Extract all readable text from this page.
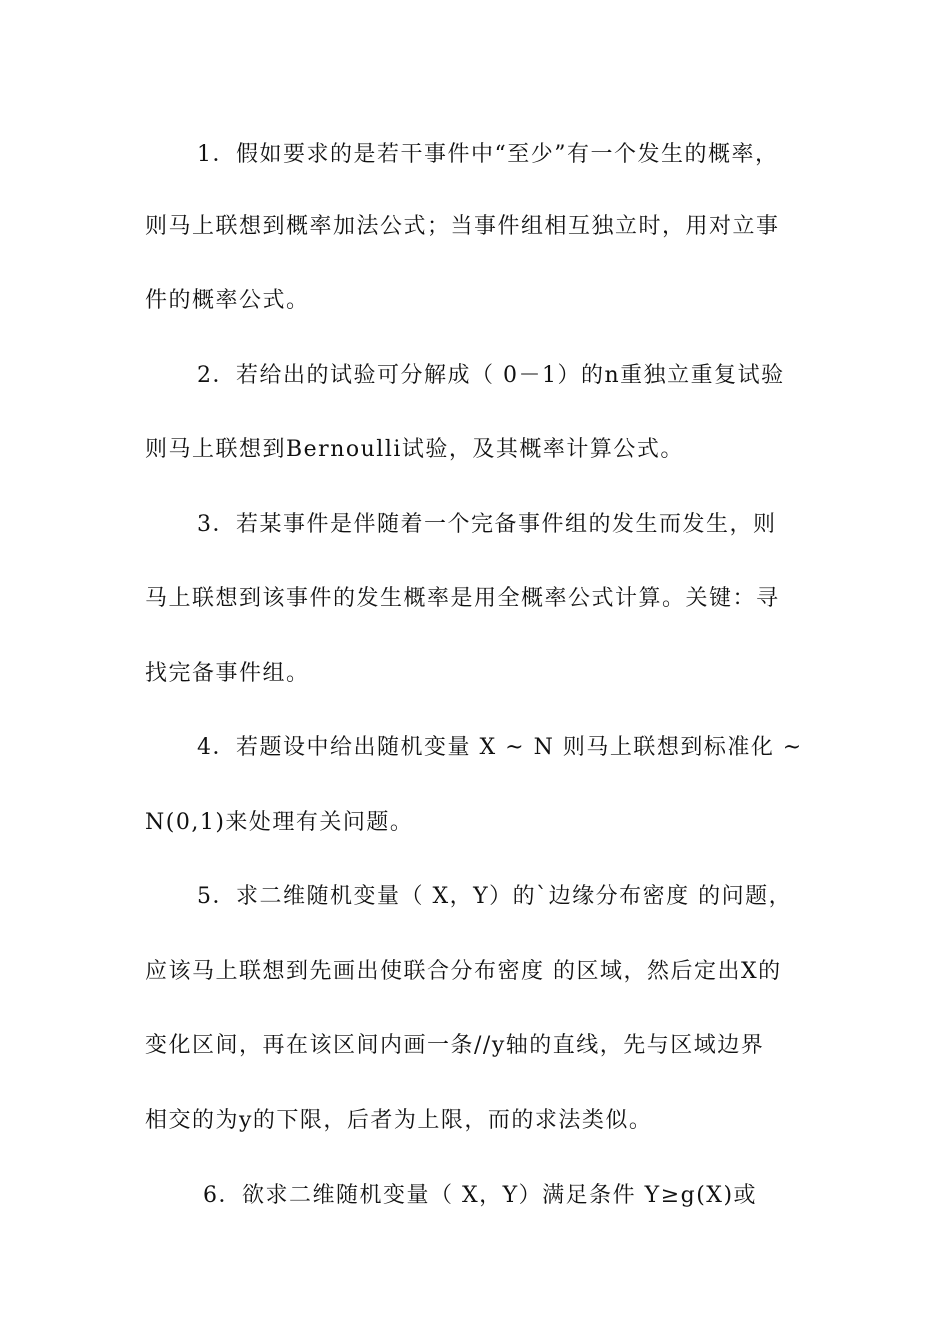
1．假如要求的是若干事件中“至少”有一个发生的概率，
则马上联想到概率加法公式；当事件组相互独立时，用对立事
件的概率公式。
2．若给出的试验可分解成（ 0－1）的n重独立重复试验
则马上联想到Bernoulli试验，及其概率计算公式。
3．若某事件是伴随着一个完备事件组的发生而发生，则
马上联想到该事件的发生概率是用全概率公式计算。关键：寻
找完备事件组。
4．若题设中给出随机变量 X ~ N 则马上联想到标准化 ~
N(0,1)来处理有关问题。
5．求二维随机变量（ X，Y）的`边缘分布密度 的问题，
应该马上联想到先画出使联合分布密度 的区域，然后定出X的
变化区间，再在该区间内画一条//y轴的直线，先与区域边界
相交的为y的下限，后者为上限，而的求法类似。
6．欲求二维随机变量（ X，Y）满足条件 Y≥g(X)或
